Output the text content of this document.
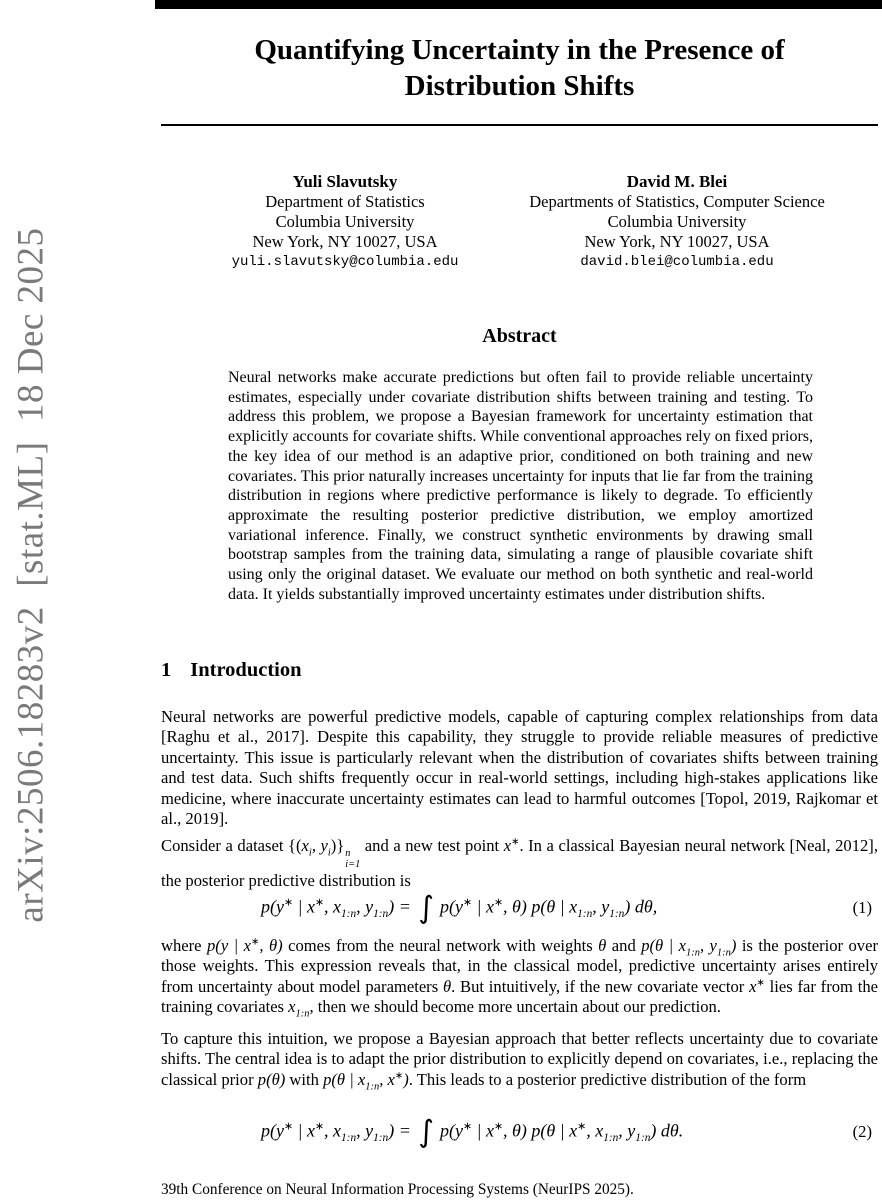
arXiv:2506.18283v2  [stat.ML]  18 Dec 2025
Quantifying Uncertainty in the Presence of
Distribution Shifts
Yuli Slavutsky
Department of Statistics
Columbia University
New York, NY 10027, USA
yuli.slavutsky@columbia.edu
David M. Blei
Departments of Statistics, Computer Science
Columbia University
New York, NY 10027, USA
david.blei@columbia.edu
Abstract
Neural networks make accurate predictions but often fail to provide reliable uncertainty estimates, especially under covariate distribution shifts between training and testing. To address this problem, we propose a Bayesian framework for uncertainty estimation that explicitly accounts for covariate shifts. While conventional approaches rely on fixed priors, the key idea of our method is an adaptive prior, conditioned on both training and new covariates. This prior naturally increases uncertainty for inputs that lie far from the training distribution in regions where predictive performance is likely to degrade. To efficiently approximate the resulting posterior predictive distribution, we employ amortized variational inference. Finally, we construct synthetic environments by drawing small bootstrap samples from the training data, simulating a range of plausible covariate shift using only the original dataset. We evaluate our method on both synthetic and real-world data. It yields substantially improved uncertainty estimates under distribution shifts.
1 Introduction
Neural networks are powerful predictive models, capable of capturing complex relationships from data [Raghu et al., 2017]. Despite this capability, they struggle to provide reliable measures of predictive uncertainty. This issue is particularly relevant when the distribution of covariates shifts between training and test data. Such shifts frequently occur in real-world settings, including high-stakes applications like medicine, where inaccurate uncertainty estimates can lead to harmful outcomes [Topol, 2019, Rajkomar et al., 2019].
Consider a dataset {($x_i$, $y_i$)} n
i=1
and a new test point x∗. In a classical Bayesian neural network [Neal, 2012], the posterior predictive distribution is
p(y∗ | x∗, $x_{1:n}$, $y_{1:n}$) = ∫ p(y∗ | x∗, θ) p(θ | $x_{1:n}$, $y_{1:n}$) dθ,	(1)
where p(y | x∗, θ) comes from the neural network with weights θ and p(θ | $x_{1:n}$, $y_{1:n}$) is the posterior over those weights. This expression reveals that, in the classical model, predictive uncertainty arises entirely from uncertainty about model parameters θ. But intuitively, if the new covariate vector x∗ lies far from the training covariates $x_{1:n}$, then we should become more uncertain about our prediction.
To capture this intuition, we propose a Bayesian approach that better reflects uncertainty due to covariate shifts. The central idea is to adapt the prior distribution to explicitly depend on covariates, i.e., replacing the classical prior p(θ) with p(θ | $x_{1:n}$, x∗). This leads to a posterior predictive distribution of the form
p(y∗ | x∗, $x_{1:n}$, $y_{1:n}$) = ∫ p(y∗ | x∗, θ) p(θ | x∗, $x_{1:n}$, $y_{1:n}$) dθ.	(2)
39th Conference on Neural Information Processing Systems (NeurIPS 2025).
